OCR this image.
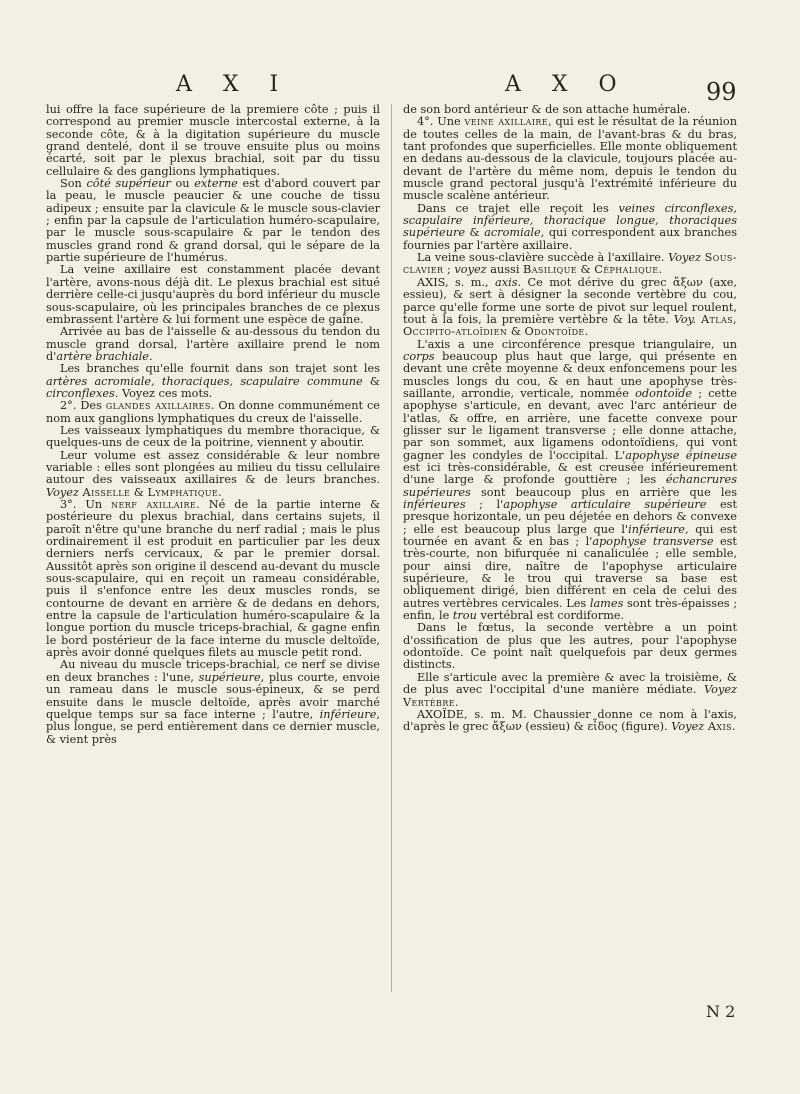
A X I	A X O	99

lui offre la face supérieure de la premiere côte ; puis il correspond au premier muscle intercostal externe, à la seconde côte, & à la digitation supérieure du muscle grand dentelé, dont il se trouve ensuite plus ou moins écarté, soit par le plexus brachial, soit par du tissu cellulaire & des ganglions lymphatiques.

Son côté supérieur ou externe est d'abord couvert par la peau, le muscle peaucier & une couche de tissu adipeux ; ensuite par la clavicule & le muscle sous-clavier ; enfin par la capsule de l'articulation huméro-scapulaire, par le muscle sous-scapulaire & par le tendon des muscles grand rond & grand dorsal, qui le sépare de la partie supérieure de l'humérus.

La veine axillaire est constamment placée devant l'artère, avons-nous déjà dit. Le plexus brachial est situé derrière celle-ci jusqu'auprès du bord inférieur du muscle sous-scapulaire, où les principales branches de ce plexus embrassent l'artère & lui forment une espèce de gaîne.

Arrivée au bas de l'aisselle & au-dessous du tendon du muscle grand dorsal, l'artère axillaire prend le nom d'artère brachiale.

Les branches qu'elle fournit dans son trajet sont les artères acromiale, thoraciques, scapulaire commune & circonflexes. Voyez ces mots.

2°. Des glandes axillaires. On donne communément ce nom aux ganglions lymphatiques du creux de l'aisselle.

Les vaisseaux lymphatiques du membre thoracique, & quelques-uns de ceux de la poitrine, viennent y aboutir.

Leur volume est assez considérable & leur nombre variable : elles sont plongées au milieu du tissu cellulaire autour des vaisseaux axillaires & de leurs branches. Voyez Aisselle & Lymphatique.

3°. Un nerf axillaire. Né de la partie interne & postérieure du plexus brachial, dans certains sujets, il paroît n'être qu'une branche du nerf radial ; mais le plus ordinairement il est produit en particulier par les deux derniers nerfs cervicaux, & par le premier dorsal. Aussitôt après son origine il descend au-devant du muscle sous-scapulaire, qui en reçoit un rameau considérable, puis il s'enfonce entre les deux muscles ronds, se contourne de devant en arrière & de dedans en dehors, entre la capsule de l'articulation huméro-scapulaire & la longue portion du muscle triceps-brachial, & gagne enfin le bord postérieur de la face interne du muscle deltoïde, après avoir donné quelques filets au muscle petit rond.

Au niveau du muscle triceps-brachial, ce nerf se divise en deux branches : l'une, supérieure, plus courte, envoie un rameau dans le muscle sous-épineux, & se perd ensuite dans le muscle deltoïde, après avoir marché quelque temps sur sa face interne ; l'autre, inférieure, plus longue, se perd entièrement dans ce dernier muscle, & vient près

de son bord antérieur & de son attache humérale.

4°. Une veine axillaire, qui est le résultat de la réunion de toutes celles de la main, de l'avant-bras & du bras, tant profondes que superficielles. Elle monte obliquement en dedans au-dessous de la clavicule, toujours placée au-devant de l'artère du même nom, depuis le tendon du muscle grand pectoral jusqu'à l'extrémité inférieure du muscle scalène antérieur.

Dans ce trajet elle reçoit les veines circonflexes, scapulaire inférieure, thoracique longue, thoraciques supérieure & acromiale, qui correspondent aux branches fournies par l'artère axillaire.

La veine sous-clavière succède à l'axillaire. Voyez Sous-clavier ; voyez aussi Basilique & Céphalique.

AXIS, s. m., axis. Ce mot dérive du grec ἄξων (axe, essieu), & sert à désigner la seconde vertèbre du cou, parce qu'elle forme une sorte de pivot sur lequel roulent, tout à la fois, la première vertèbre & la tête. Voy. Atlas, Occipito-atloïdien & Odontoïde.

L'axis a une circonférence presque triangulaire, un corps beaucoup plus haut que large, qui présente en devant une crête moyenne & deux enfoncemens pour les muscles longs du cou, & en haut une apophyse très-saillante, arrondie, verticale, nommée odontoïde ; cette apophyse s'articule, en devant, avec l'arc antérieur de l'atlas, & offre, en arrière, une facette convexe pour glisser sur le ligament transverse ; elle donne attache, par son sommet, aux ligamens odontoïdiens, qui vont gagner les condyles de l'occipital. L'apophyse épineuse est ici très-considérable, & est creusée inférieurement d'une large & profonde gouttière ; les échancrures supérieures sont beaucoup plus en arrière que les inférieures ; l'apophyse articulaire supérieure est presque horizontale, un peu déjetée en dehors & convexe ; elle est beaucoup plus large que l'inférieure, qui est tournée en avant & en bas ; l'apophyse transverse est très-courte, non bifurquée ni canaliculée ; elle semble, pour ainsi dire, naître de l'apophyse articulaire supérieure, & le trou qui traverse sa base est obliquement dirigé, bien différent en cela de celui des autres vertèbres cervicales. Les lames sont très-épaisses ; enfin, le trou vertébral est cordiforme.

Dans le fœtus, la seconde vertèbre a un point d'ossification de plus que les autres, pour l'apophyse odontoïde. Ce point naît quelquefois par deux germes distincts.

Elle s'articule avec la première & avec la troisième, & de plus avec l'occipital d'une manière médiate. Voyez Vertèbre.

AXOÏDE, s. m. M. Chaussier donne ce nom à l'axis, d'après le grec ἄξων (essieu) & εἶδος (figure). Voyez Axis.

N 2
